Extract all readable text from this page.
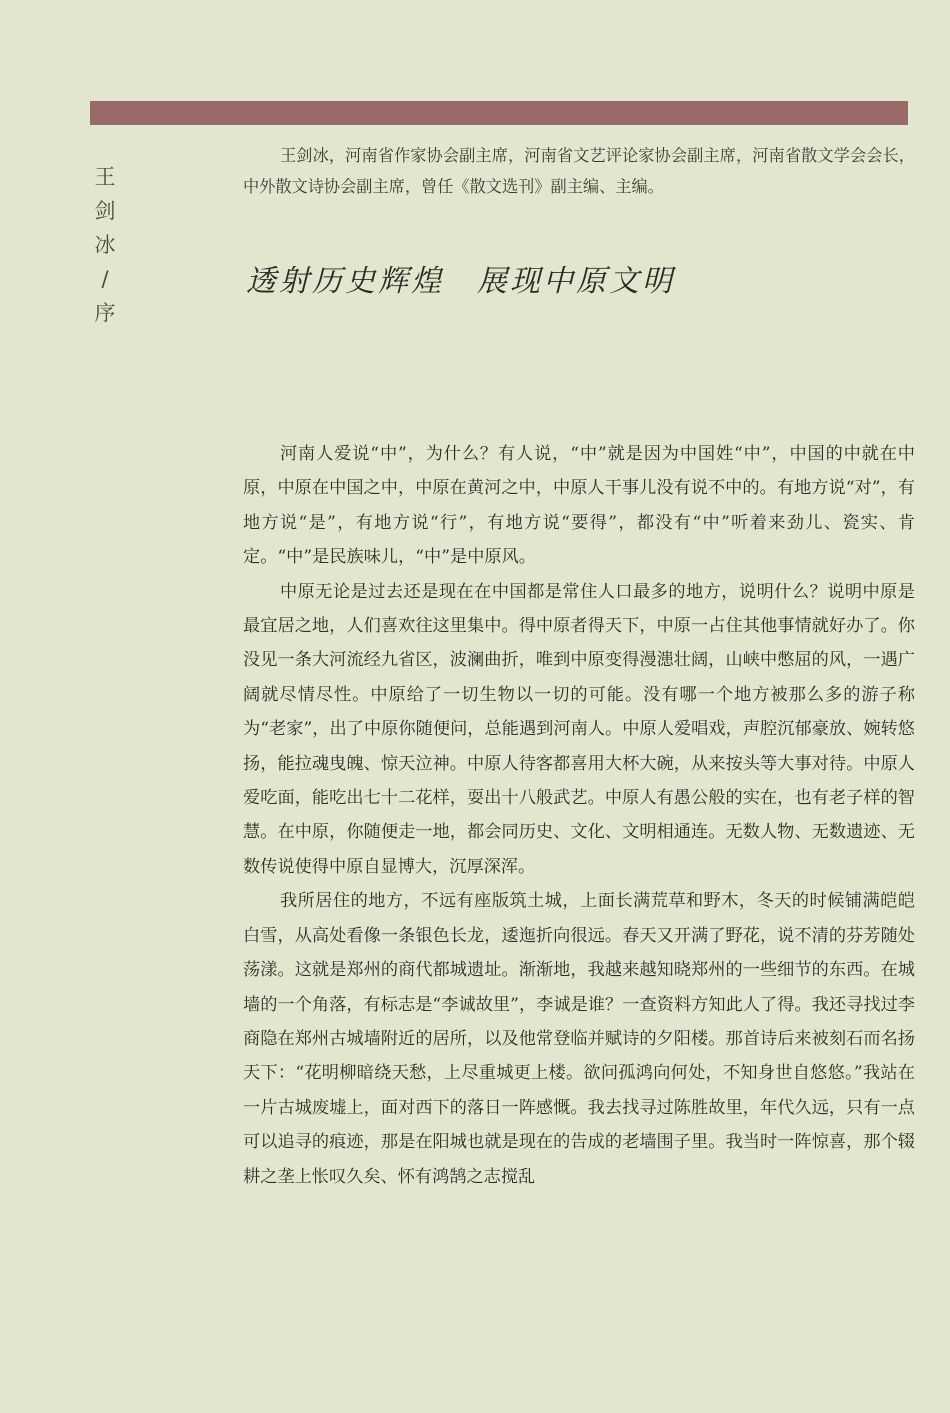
王
剑
冰
/
序
王剑冰，河南省作家协会副主席，河南省文艺评论家协会副主席，河南省散文学会会长，中外散文诗协会副主席，曾任《散文选刊》副主编、主编。
透射历史辉煌　展现中原文明

河南人爱说“中”，为什么？有人说，“中”就是因为中国姓“中”，中国的中就在中原，中原在中国之中，中原在黄河之中，中原人干事儿没有说不中的。有地方说“对”，有地方说“是”，有地方说“行”，有地方说“要得”，都没有“中”听着来劲儿、瓷实、肯定。“中”是民族味儿，“中”是中原风。

中原无论是过去还是现在在中国都是常住人口最多的地方，说明什么？说明中原是最宜居之地，人们喜欢往这里集中。得中原者得天下，中原一占住其他事情就好办了。你没见一条大河流经九省区，波澜曲折，唯到中原变得漫漶壮阔，山峡中憋屈的风，一遇广阔就尽情尽性。中原给了一切生物以一切的可能。没有哪一个地方被那么多的游子称为“老家”，出了中原你随便问，总能遇到河南人。中原人爱唱戏，声腔沉郁豪放、婉转悠扬，能拉魂曳魄、惊天泣神。中原人待客都喜用大杯大碗，从来按头等大事对待。中原人爱吃面，能吃出七十二花样，耍出十八般武艺。中原人有愚公般的实在，也有老子样的智慧。在中原，你随便走一地，都会同历史、文化、文明相通连。无数人物、无数遗迹、无数传说使得中原自显博大，沉厚深浑。

我所居住的地方，不远有座版筑土城，上面长满荒草和野木，冬天的时候铺满皑皑白雪，从高处看像一条银色长龙，逶迤折向很远。春天又开满了野花，说不清的芬芳随处荡漾。这就是郑州的商代都城遗址。渐渐地，我越来越知晓郑州的一些细节的东西。在城墙的一个角落，有标志是“李诚故里”，李诚是谁？一查资料方知此人了得。我还寻找过李商隐在郑州古城墙附近的居所，以及他常登临并赋诗的夕阳楼。那首诗后来被刻石而名扬天下：“花明柳暗绕天愁，上尽重城更上楼。欲问孤鸿向何处，不知身世自悠悠。”我站在一片古城废墟上，面对西下的落日一阵感慨。我去找寻过陈胜故里，年代久远，只有一点可以追寻的痕迹，那是在阳城也就是现在的告成的老墙围子里。我当时一阵惊喜，那个辍耕之垄上怅叹久矣、怀有鸿鹄之志搅乱
